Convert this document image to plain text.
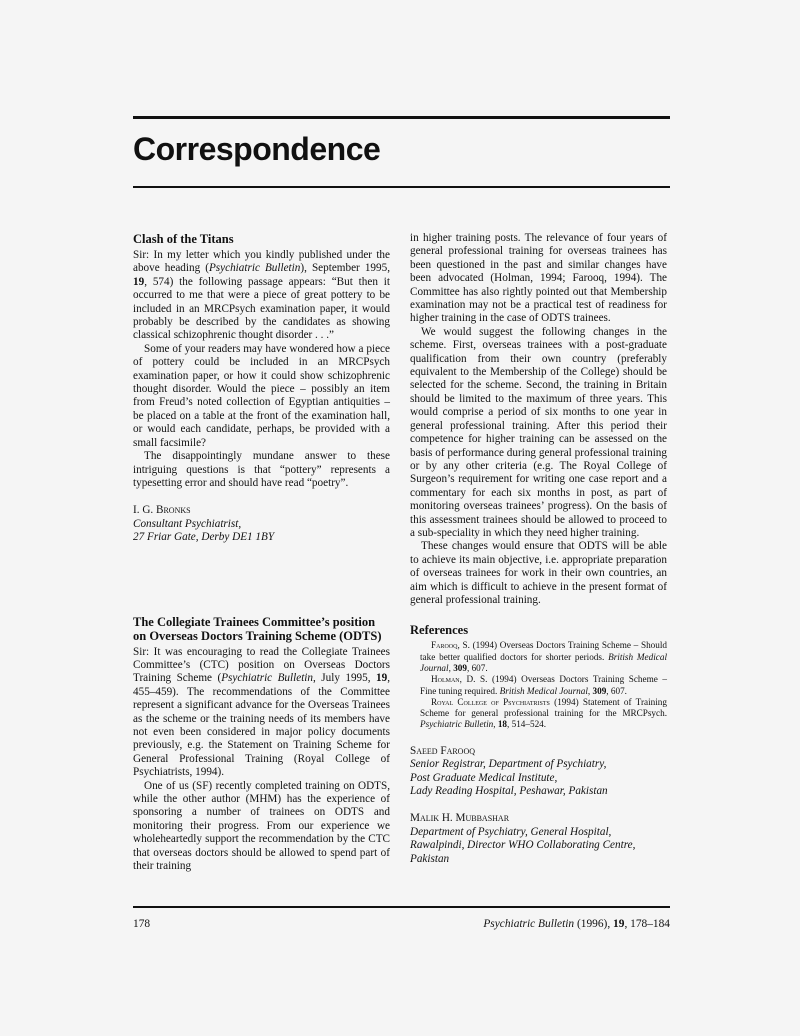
Correspondence
Clash of the Titans

Sir: In my letter which you kindly published under the above heading (Psychiatric Bulletin), September 1995, 19, 574) the following passage appears: “But then it occurred to me that were a piece of great pottery to be included in an MRCPsych examination paper, it would probably be described by the candidates as showing classical schizophrenic thought disorder . . .”

Some of your readers may have wondered how a piece of pottery could be included in an MRCPsych examination paper, or how it could show schizophrenic thought disorder. Would the piece – possibly an item from Freud’s noted collection of Egyptian antiquities – be placed on a table at the front of the examination hall, or would each candidate, perhaps, be provided with a small facsimile?

The disappointingly mundane answer to these intriguing questions is that “pottery” represents a typesetting error and should have read “poetry”.

I. G. Bronks
Consultant Psychiatrist,
27 Friar Gate, Derby DE1 1BY
The Collegiate Trainees Committee’s position on Overseas Doctors Training Scheme (ODTS)

Sir: It was encouraging to read the Collegiate Trainees Committee’s (CTC) position on Overseas Doctors Training Scheme (Psychiatric Bulletin, July 1995, 19, 455–459). The recommendations of the Committee represent a significant advance for the Overseas Trainees as the scheme or the training needs of its members have not even been considered in major policy documents previously, e.g. the Statement on Training Scheme for General Professional Training (Royal College of Psychiatrists, 1994).

One of us (SF) recently completed training on ODTS, while the other author (MHM) has the experience of sponsoring a number of trainees on ODTS and monitoring their progress. From our experience we wholeheartedly support the recommendation by the CTC that overseas doctors should be allowed to spend part of their training

in higher training posts. The relevance of four years of general professional training for overseas trainees has been questioned in the past and similar changes have been advocated (Holman, 1994; Farooq, 1994). The Committee has also rightly pointed out that Membership examination may not be a practical test of readiness for higher training in the case of ODTS trainees.

We would suggest the following changes in the scheme. First, overseas trainees with a post-graduate qualification from their own country (preferably equivalent to the Membership of the College) should be selected for the scheme. Second, the training in Britain should be limited to the maximum of three years. This would comprise a period of six months to one year in general professional training. After this period their competence for higher training can be assessed on the basis of performance during general professional training or by any other criteria (e.g. The Royal College of Surgeon’s requirement for writing one case report and a commentary for each six months in post, as part of monitoring overseas trainees’ progress). On the basis of this assessment trainees should be allowed to proceed to a sub-speciality in which they need higher training.

These changes would ensure that ODTS will be able to achieve its main objective, i.e. appropriate preparation of overseas trainees for work in their own countries, an aim which is difficult to achieve in the present format of general professional training.

References

Farooq, S. (1994) Overseas Doctors Training Scheme – Should take better qualified doctors for shorter periods. British Medical Journal, 309, 607.

Holman, D. S. (1994) Overseas Doctors Training Scheme – Fine tuning required. British Medical Journal, 309, 607.

Royal College of Psychiatrists (1994) Statement of Training Scheme for general professional training for the MRCPsych. Psychiatric Bulletin, 18, 514–524.

Saeed Farooq
Senior Registrar, Department of Psychiatry,
Post Graduate Medical Institute,
Lady Reading Hospital, Peshawar, Pakistan
Malik H. Mubbashar
Department of Psychiatry, General Hospital,
Rawalpindi, Director WHO Collaborating Centre,
Pakistan
178	Psychiatric Bulletin (1996), 19, 178–184
